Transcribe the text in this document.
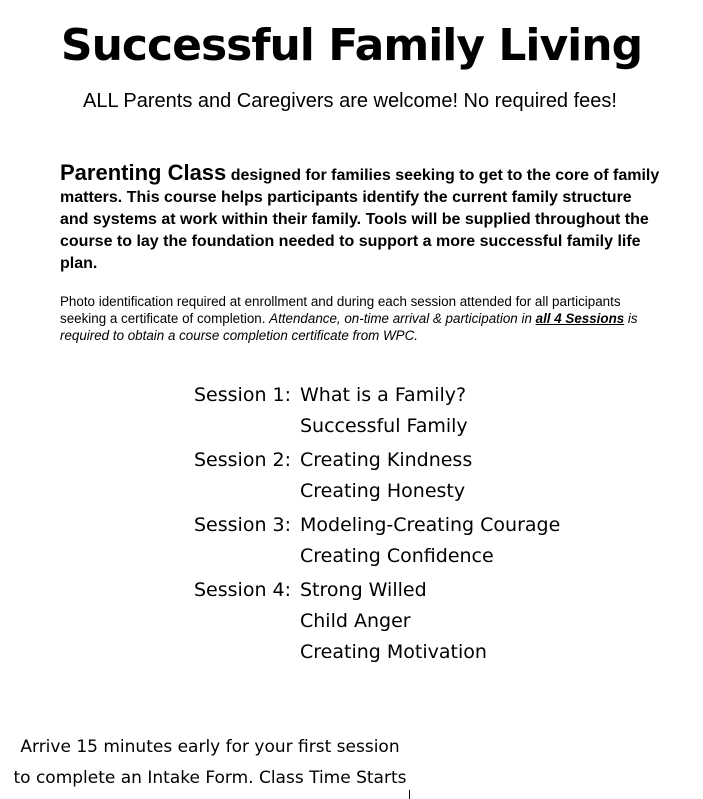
Successful Family Living
ALL Parents and Caregivers are welcome! No required fees!
Parenting Class designed for families seeking to get to the core of family matters. This course helps participants identify the current family structure and systems at work within their family. Tools will be supplied throughout the course to lay the foundation needed to support a more successful family life plan.
Photo identification required at enrollment and during each session attended for all participants seeking a certificate of completion. Attendance, on-time arrival & participation in all 4 Sessions is required to obtain a course completion certificate from WPC.
Session 1: What is a Family?
Successful Family
Session 2: Creating Kindness
Creating Honesty
Session 3: Modeling-Creating Courage
Creating Confidence
Session 4: Strong Willed
Child Anger
Creating Motivation
Arrive 15 minutes early for your first session
to complete an Intake Form. Class Time Starts
